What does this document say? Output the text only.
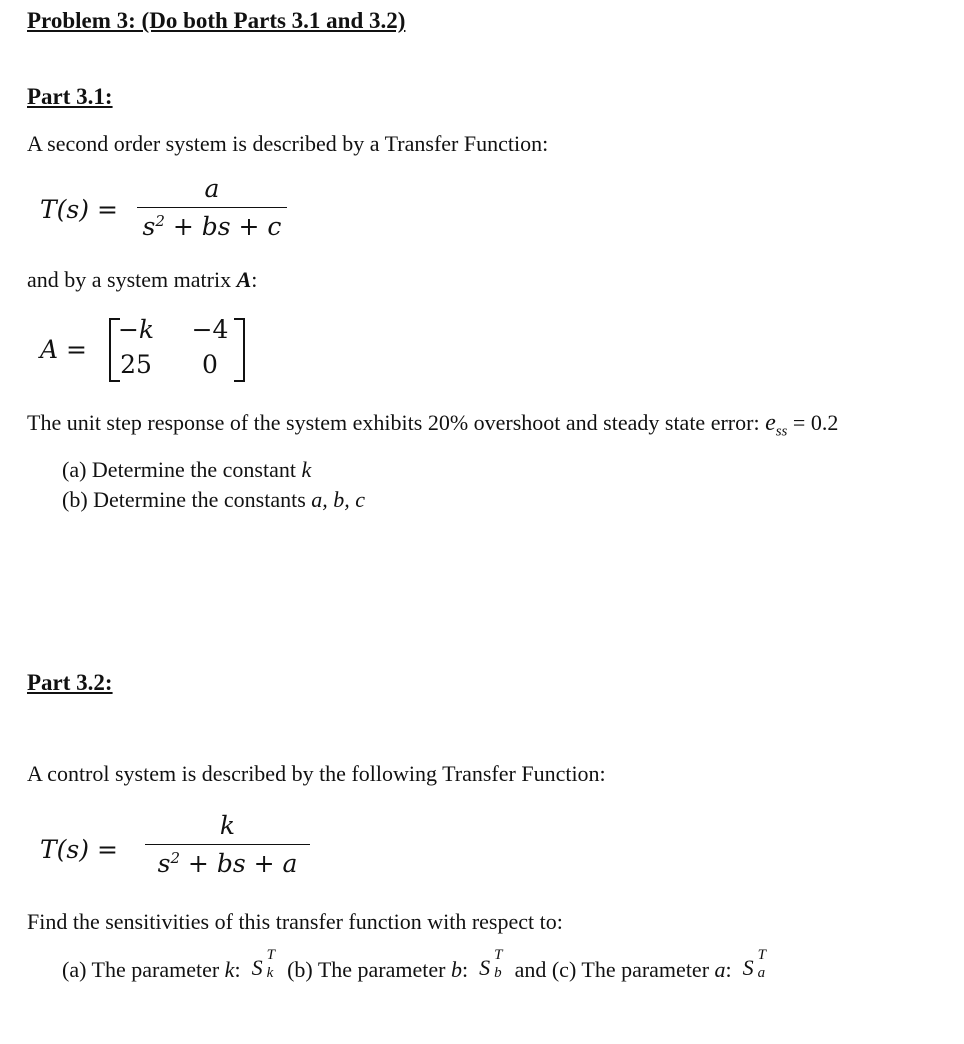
Problem 3: (Do both Parts 3.1 and 3.2)
Part 3.1:
A second order system is described by a Transfer Function:
T(s) =
a
$s^2$ + bs + c
and by a system matrix A:
A =
−k	−4
25	0
The unit step response of the system exhibits 20% overshoot and steady state error: $e_{ss} = 0.2$
(a) Determine the constant k
(b) Determine the constants a, b, c
Part 3.2:
A control system is described by the following Transfer Function:
T(s) =
k
$s^2$ + bs + a
Find the sensitivities of this transfer function with respect to:
(a) The parameter k: S T
k (b) The parameter b: S T
b and (c) The parameter a: S T
a
